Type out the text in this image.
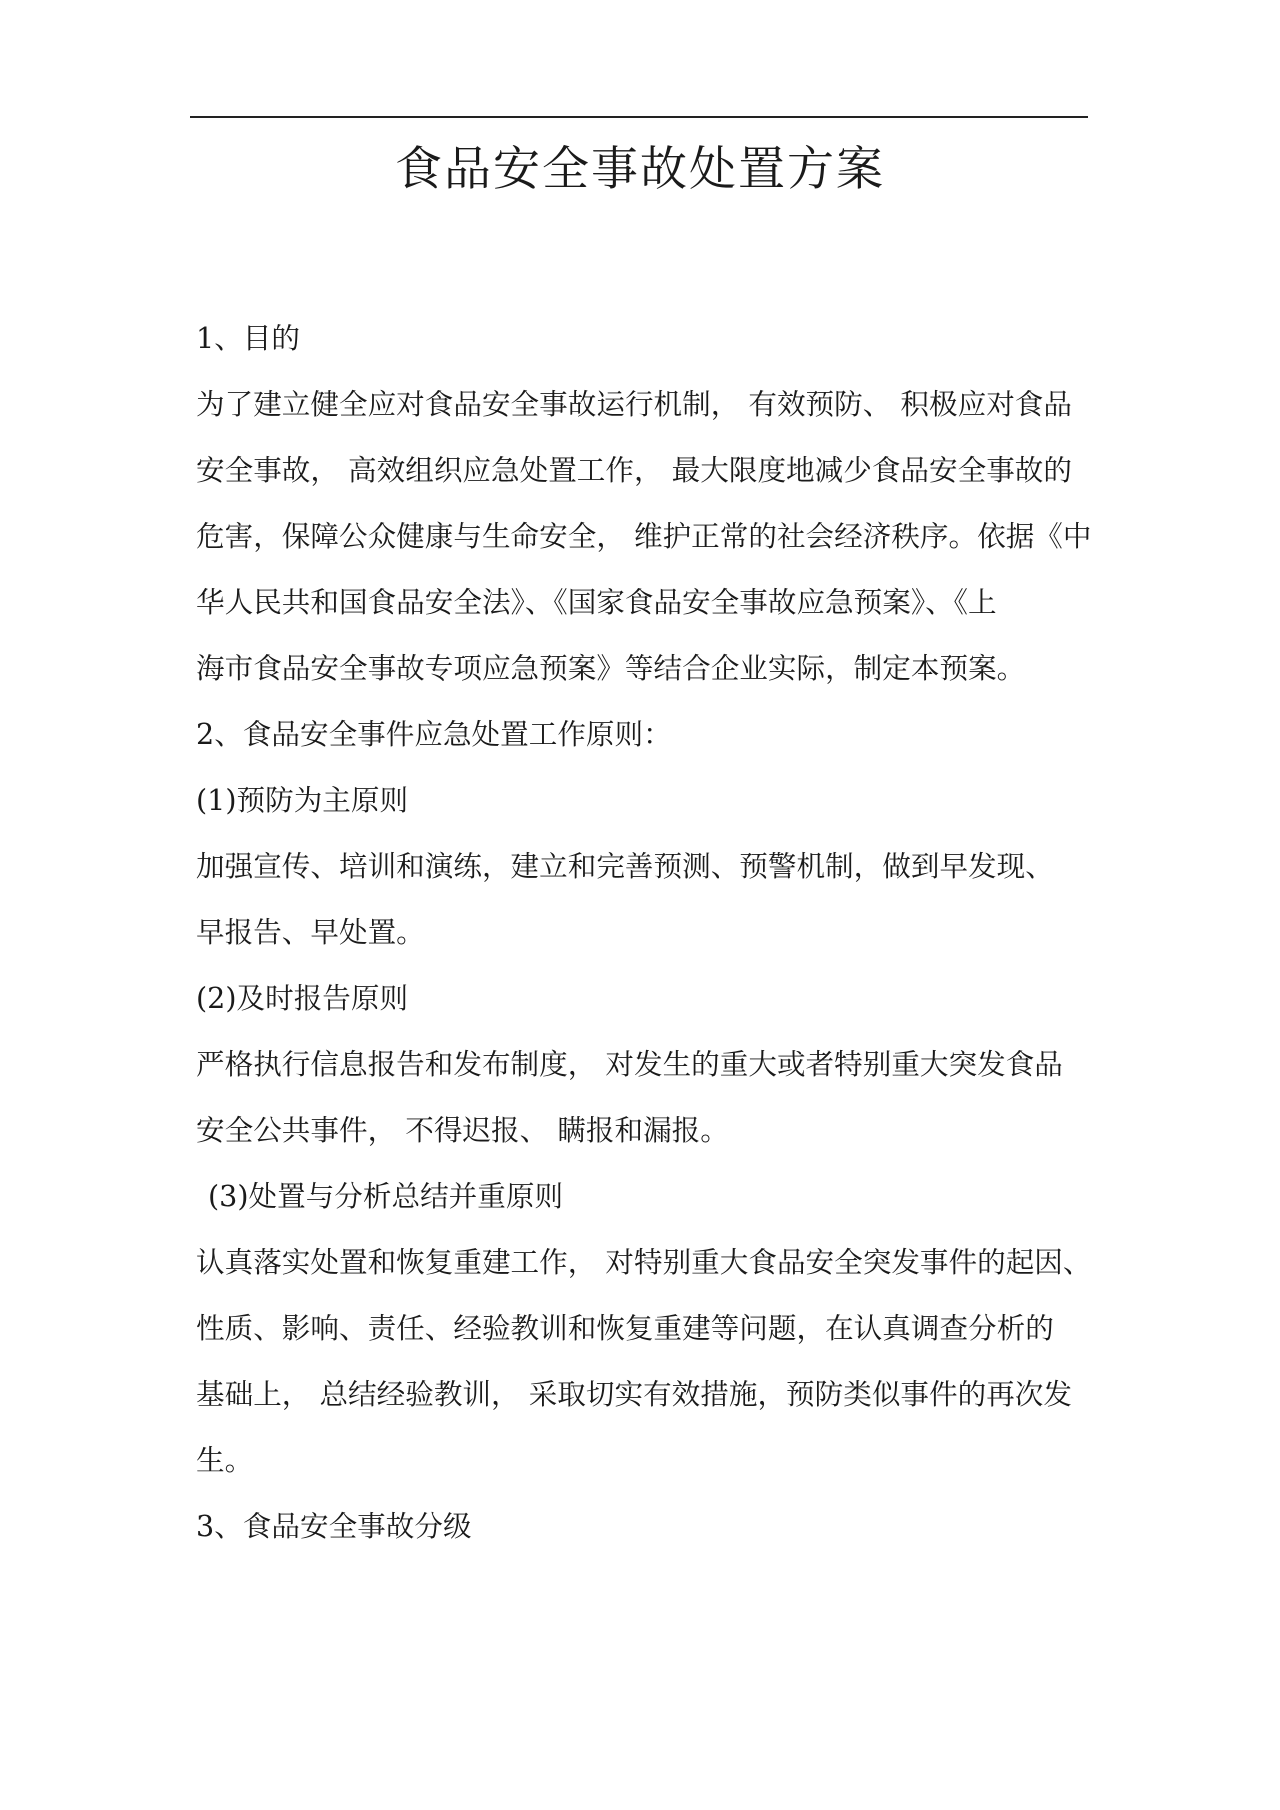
食品安全事故处置方案
1、目的
为了建立健全应对食品安全事故运行机制， 有效预防、 积极应对食品
安全事故， 高效组织应急处置工作， 最大限度地减少食品安全事故的
危害，保障公众健康与生命安全， 维护正常的社会经济秩序。依据《中
华人民共和国食品安全法》、《国家食品安全事故应急预案》、《上
海市食品安全事故专项应急预案》等结合企业实际，制定本预案。
2、食品安全事件应急处置工作原则：
(1)预防为主原则
加强宣传、培训和演练，建立和完善预测、预警机制，做到早发现、
早报告、早处置。
(2)及时报告原则
严格执行信息报告和发布制度， 对发生的重大或者特别重大突发食品
安全公共事件， 不得迟报、 瞒报和漏报。
(3)处置与分析总结并重原则
认真落实处置和恢复重建工作， 对特别重大食品安全突发事件的起因、
性质、影响、责任、经验教训和恢复重建等问题，在认真调查分析的
基础上， 总结经验教训， 采取切实有效措施，预防类似事件的再次发
生。
3、食品安全事故分级
